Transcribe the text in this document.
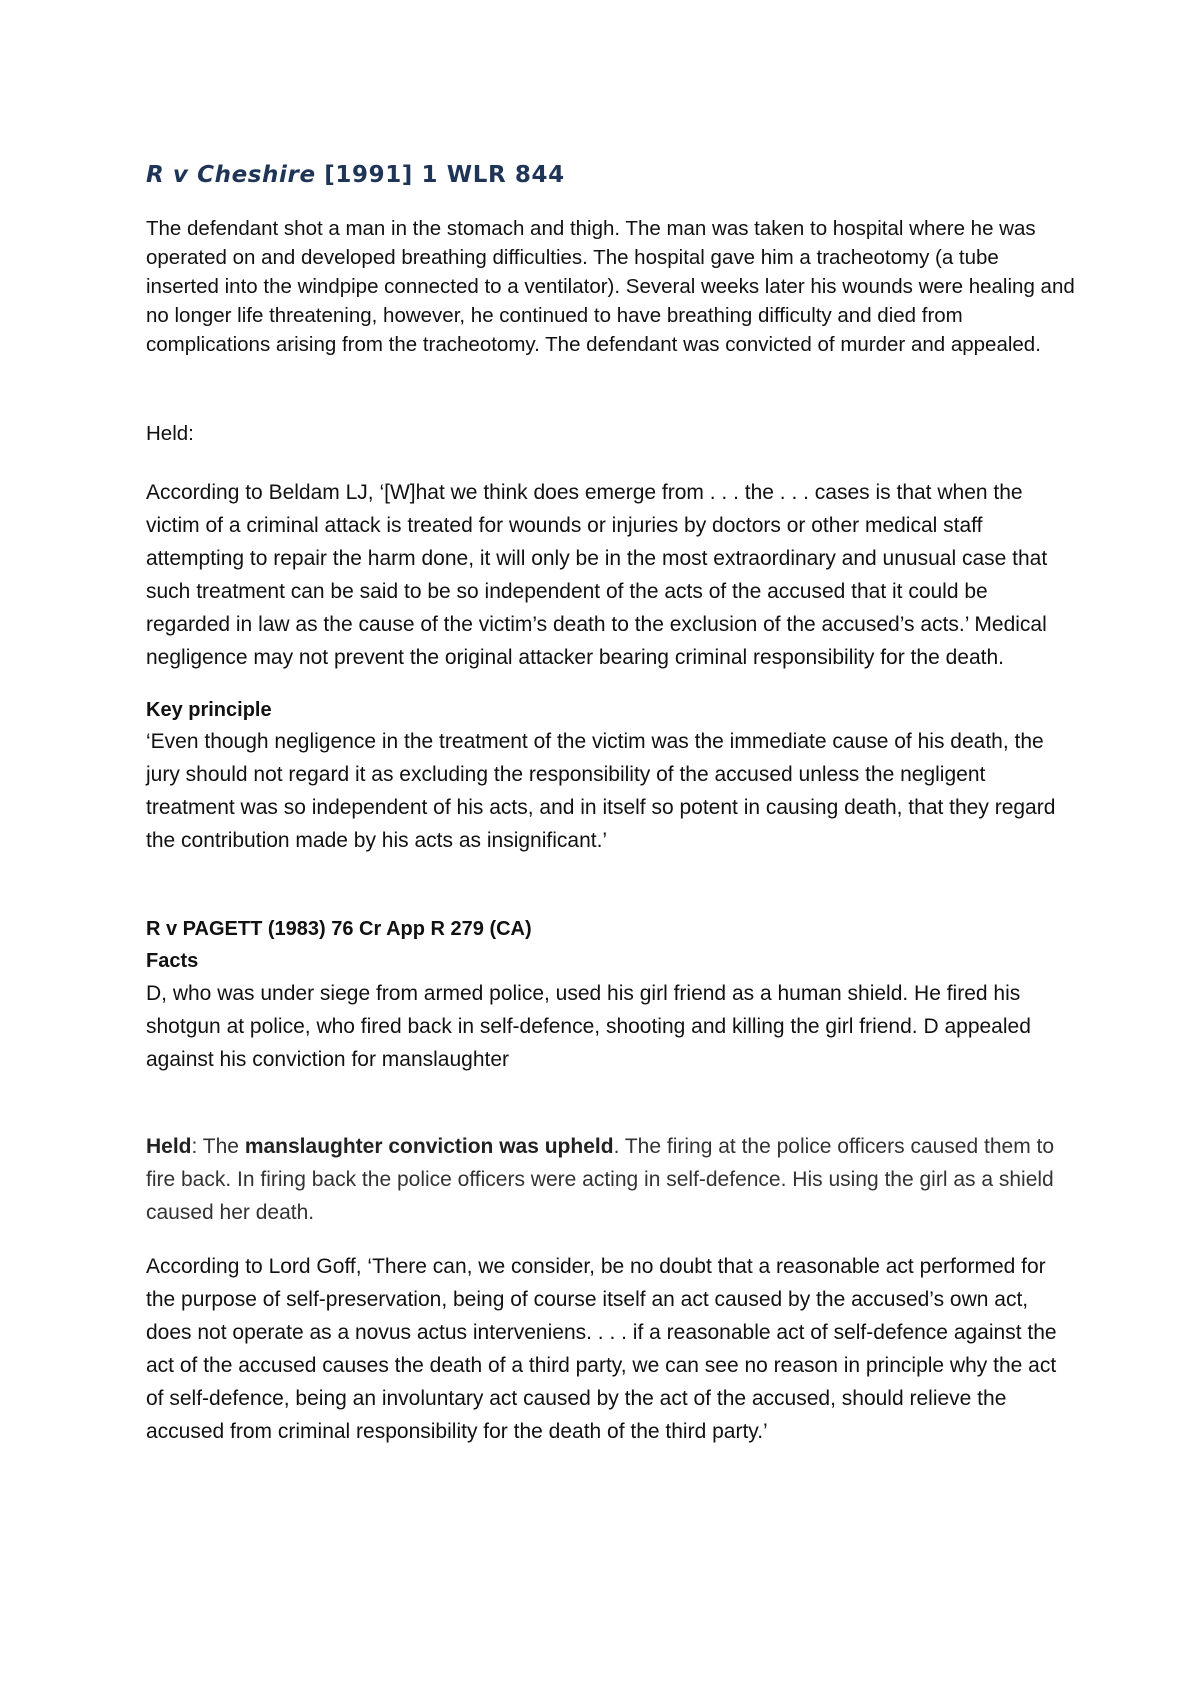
R v Cheshire [1991] 1 WLR 844

The defendant shot a man in the stomach and thigh. The man was taken to hospital where he was operated on and developed breathing difficulties. The hospital gave him a tracheotomy (a tube inserted into the windpipe connected to a ventilator). Several weeks later his wounds were healing and no longer life threatening, however, he continued to have breathing difficulty and died from complications arising from the tracheotomy. The defendant was convicted of murder and appealed.

Held:

According to Beldam LJ, ‘[W]hat we think does emerge from . . . the . . . cases is that when the victim of a criminal attack is treated for wounds or injuries by doctors or other medical staff attempting to repair the harm done, it will only be in the most extraordinary and unusual case that such treatment can be said to be so independent of the acts of the accused that it could be regarded in law as the cause of the victim’s death to the exclusion of the accused’s acts.’ Medical negligence may not prevent the original attacker bearing criminal responsibility for the death.

Key principle

‘Even though negligence in the treatment of the victim was the immediate cause of his death, the jury should not regard it as excluding the responsibility of the accused unless the negligent treatment was so independent of his acts, and in itself so potent in causing death, that they regard the contribution made by his acts as insignificant.’

R v PAGETT (1983) 76 Cr App R 279 (CA)

Facts

D, who was under siege from armed police, used his girl friend as a human shield. He fired his shotgun at police, who fired back in self-defence, shooting and killing the girl friend. D appealed against his conviction for manslaughter

Held: The manslaughter conviction was upheld. The firing at the police officers caused them to fire back. In firing back the police officers were acting in self-defence. His using the girl as a shield caused her death.

According to Lord Goff, ‘There can, we consider, be no doubt that a reasonable act performed for the purpose of self-preservation, being of course itself an act caused by the accused’s own act, does not operate as a novus actus interveniens. . . . if a reasonable act of self-defence against the act of the accused causes the death of a third party, we can see no reason in principle why the act of self-defence, being an involuntary act caused by the act of the accused, should relieve the accused from criminal responsibility for the death of the third party.’
